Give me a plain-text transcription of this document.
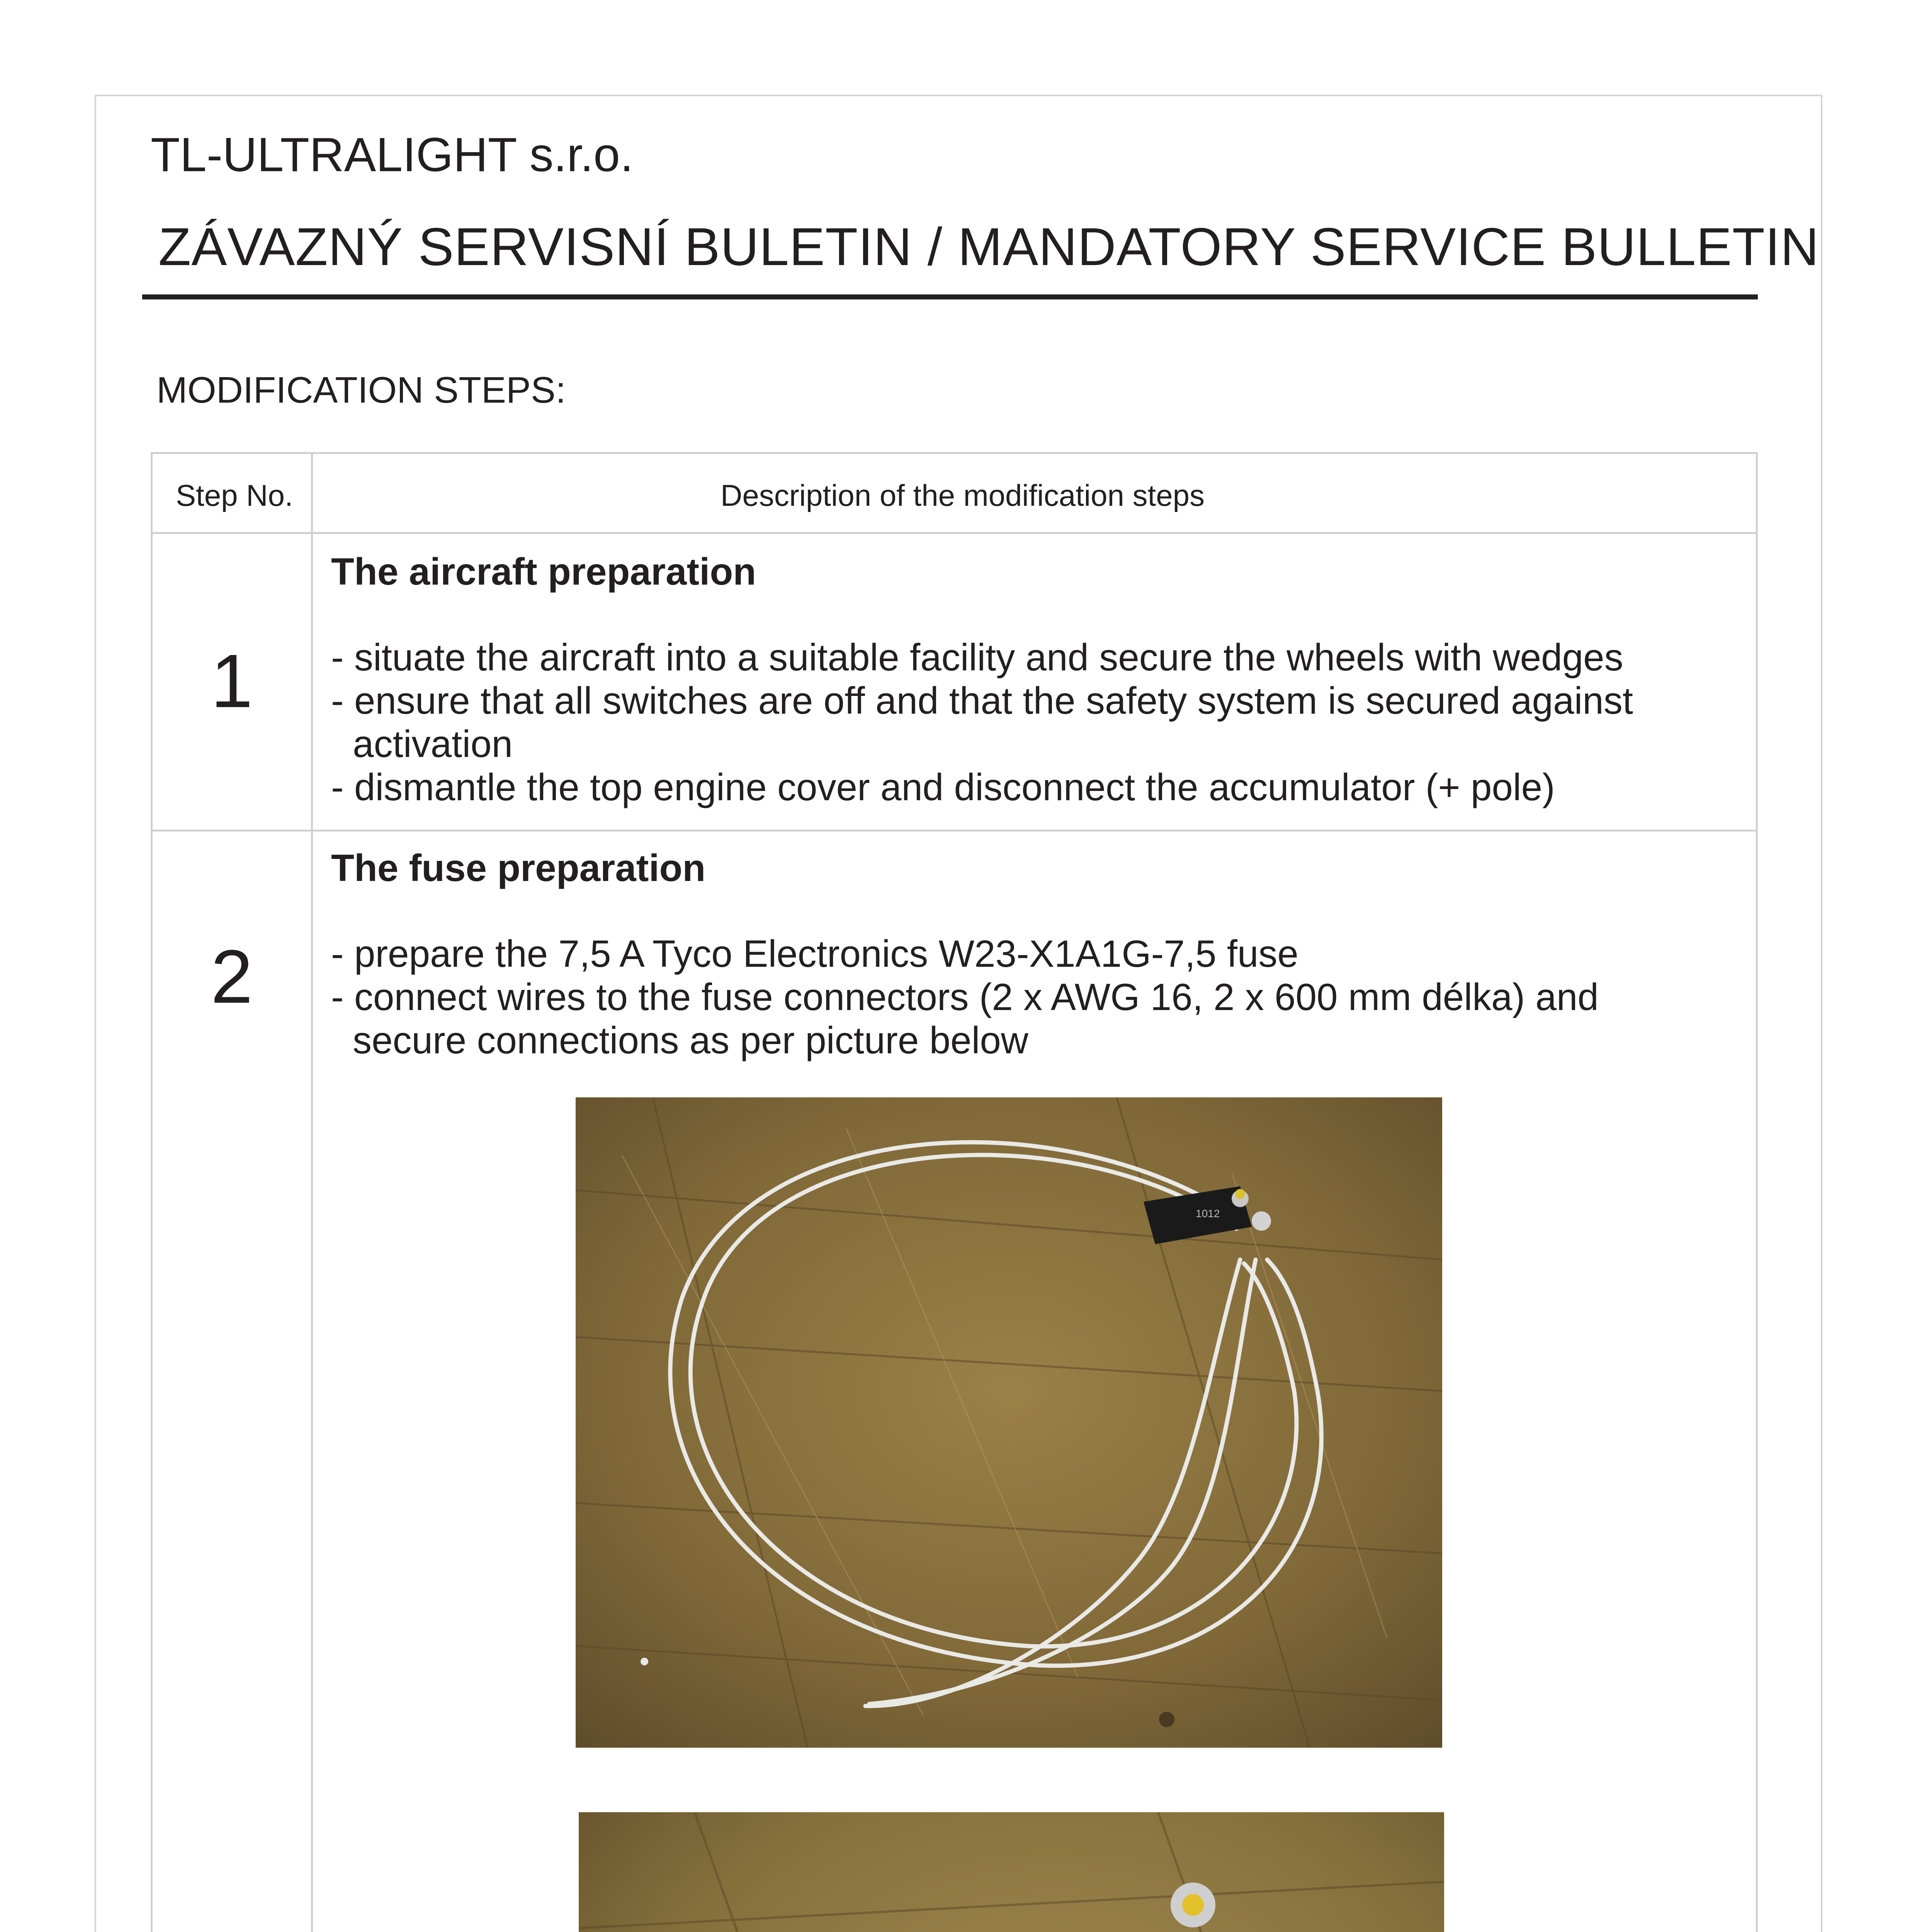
TL-ULTRALIGHT s.r.o.
ZÁVAZNÝ SERVISNÍ BULETIN / MANDATORY SERVICE BULLETIN
MODIFICATION STEPS:
Step No.	Description of the modification steps
1
The aircraft preparation
- situate the aircraft into a suitable facility and secure the wheels with wedges
- ensure that all switches are off and that the safety system is secured against
activation
- dismantle the top engine cover and disconnect the accumulator (+ pole)
2
The fuse preparation
- prepare the 7,5 A Tyco Electronics W23-X1A1G-7,5 fuse
- connect wires to the fuse connectors (2 x AWG 16, 2 x 600 mm délka) and
secure connections as per picture below
1012
